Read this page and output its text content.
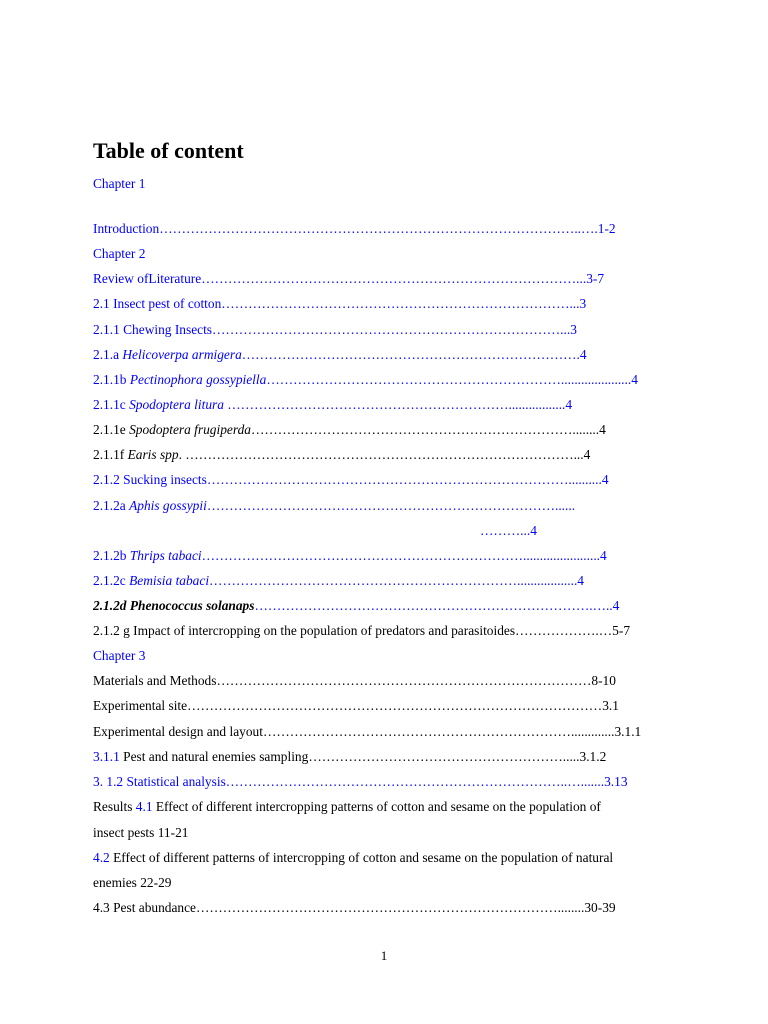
Table of content
Chapter 1
Introduction…………………………………………………………………………………..….1-2
Chapter 2
Review ofLiterature…………………………………………………………………………...3-7
2.1 Insect pest of cotton……………………………………………………………………...3
2.1.1 Chewing Insects……………………………………………………………………...3
2.1.a Helicoverpa armigera………………………………………………………………….4
2.1.1b Pectinophora gossypiella………………………………………………………….....................4
2.1.1c Spodoptera litura ……………………………………………………….................4
2.1.1e Spodoptera frugiperda………………………………………………………………........4
2.1.1f Earis spp. ……………………………………………………………………………...4
2.1.2 Sucking insects………………………………………………………………………..........4
2.1.2a Aphis gossypii……………………………………………………………………......
………...4
2.1.2b Thrips tabaci……………………………………………………………….......................4
2.1.2c Bemisia tabaci……………………………………………………………..................4
2.1.2d Phenococcus solanaps………………………………………………………………….…..4
2.1.2 g Impact of intercropping on the population of predators and parasitoides……………….…5-7
Chapter 3
Materials and Methods…………………………………………………………………………8-10
Experimental site…………………………………………………………………………………3.1
Experimental design and layout…………………………………………………………….............3.1.1
3.1.1 Pest and natural enemies sampling………………………………………………….....3.1.2
3. 1.2 Statistical analysis…………………………………………………………………..….......3.13
Results 4.1 Effect of different intercropping patterns of cotton and sesame on the population of
insect pests 11-21
4.2 Effect of different patterns of intercropping of cotton and sesame on the population of natural
enemies 22-29
4.3 Pest abundance………………………………………………………………………........30-39
1
